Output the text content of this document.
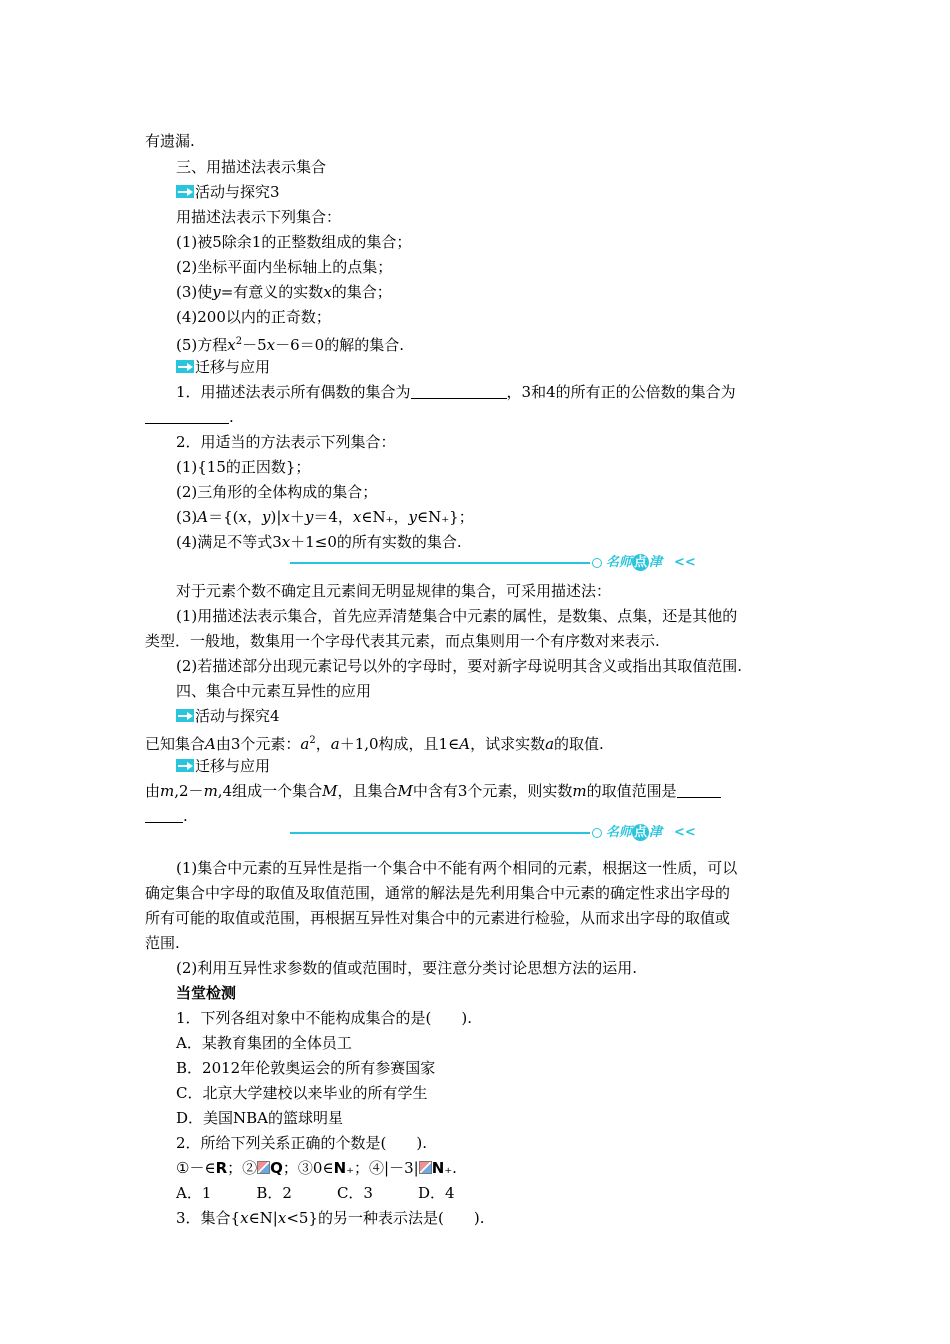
有遗漏.
三、用描述法表示集合
活动与探究3
用描述法表示下列集合：
(1)被5除余1的正整数组成的集合；
(2)坐标平面内坐标轴上的点集；
(3)使y=有意义的实数x的集合；
(4)200以内的正奇数；
(5)方程$x^2-5x-6=0$的解的集合.
迁移与应用
1．用描述法表示所有偶数的集合为	，3和4的所有正的公倍数的集合为
.
2．用适当的方法表示下列集合：
(1){15的正因数}；
(2)三角形的全体构成的集合；
(3)A＝{(x，y)|x＋y＝4，x∈N₊，y∈N₊}；
(4)满足不等式3x＋1≤0的所有实数的集合.
名师 点 津 <<
对于元素个数不确定且元素间无明显规律的集合，可采用描述法：
(1)用描述法表示集合，首先应弄清楚集合中元素的属性，是数集、点集，还是其他的
类型．一般地，数集用一个字母代表其元素，而点集则用一个有序数对来表示.
(2)若描述部分出现元素记号以外的字母时，要对新字母说明其含义或指出其取值范围.
四、集合中元素互异性的应用
活动与探究4
已知集合A由3个元素：$a^2$，a＋1,0构成，且1∈A，试求实数a的取值.
迁移与应用
由m,2－m,4组成一个集合M，且集合M中含有3个元素，则实数m的取值范围是
.
名师 点 津 <<
(1)集合中元素的互异性是指一个集合中不能有两个相同的元素，根据这一性质，可以
确定集合中字母的取值及取值范围，通常的解法是先利用集合中元素的确定性求出字母的
所有可能的取值或范围，再根据互异性对集合中的元素进行检验，从而求出字母的取值或
范围.
(2)利用互异性求参数的值或范围时，要注意分类讨论思想方法的运用.
当堂检测
1．下列各组对象中不能构成集合的是(　　).
A．某教育集团的全体员工
B．2012年伦敦奥运会的所有参赛国家
C．北京大学建校以来毕业的所有学生
D．美国NBA的篮球明星
2．所给下列关系正确的个数是(　　).
①－∈R；② Q；③0∈N₊；④|－3| N₊.
A．1　　　B．2　　　C．3　　　D．4
3．集合{x∈N|x<5}的另一种表示法是(　　).
